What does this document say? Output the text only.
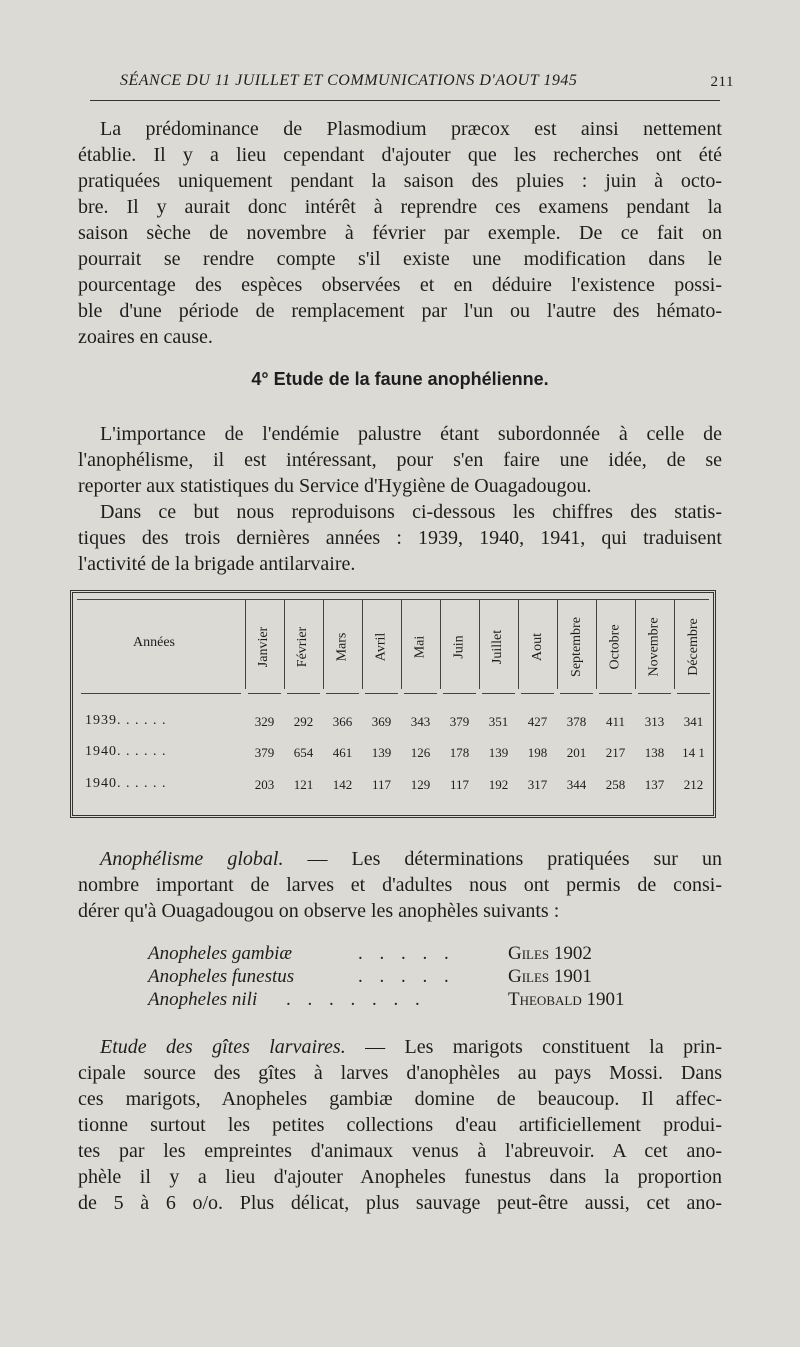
SÉANCE DU 11 JUILLET ET COMMUNICATIONS D'AOUT 1945	211
La prédominance de Plasmodium præcox est ainsi nettement
établie. Il y a lieu cependant d'ajouter que les recherches ont été
pratiquées uniquement pendant la saison des pluies : juin à octo-
bre. Il y aurait donc intérêt à reprendre ces examens pendant la
saison sèche de novembre à février par exemple. De ce fait on
pourrait se rendre compte s'il existe une modification dans le
pourcentage des espèces observées et en déduire l'existence possi-
ble d'une période de remplacement par l'un ou l'autre des hémato-
zoaires en cause.
4° Etude de la faune anophélienne.
L'importance de l'endémie palustre étant subordonnée à celle de
l'anophélisme, il est intéressant, pour s'en faire une idée, de se
reporter aux statistiques du Service d'Hygiène de Ouagadougou.
Dans ce but nous reproduisons ci-dessous les chiffres des statis-
tiques des trois dernières années : 1939, 1940, 1941, qui traduisent
l'activité de la brigade antilarvaire.
Années	Janvier Février Mars Avril Mai Juin Juillet Aout Septembre Octobre Novembre Décembre
1939. . . . . .	329	292	366	369	343	379	351	427	378	411	313	341
1940. . . . . .	379	654	461	139	126	178	139	198	201	217	138	14 1
1940. . . . . .	203	121	142	117	129	117	192	317	344	258	137	212
Anophélisme global. — Les déterminations pratiquées sur un
nombre important de larves et d'adultes nous ont permis de consi-
dérer qu'à Ouagadougou on observe les anophèles suivants :
Anopheles gambiæ	. . . . .	Giles 1902
Anopheles funestus	. . . . .	Giles 1901
Anopheles nili . . . . . . .	Theobald 1901
Etude des gîtes larvaires. — Les marigots constituent la prin-
cipale source des gîtes à larves d'anophèles au pays Mossi. Dans
ces marigots, Anopheles gambiæ domine de beaucoup. Il affec-
tionne surtout les petites collections d'eau artificiellement produi-
tes par les empreintes d'animaux venus à l'abreuvoir. A cet ano-
phèle il y a lieu d'ajouter Anopheles funestus dans la proportion
de 5 à 6 o/o. Plus délicat, plus sauvage peut-être aussi, cet ano-
